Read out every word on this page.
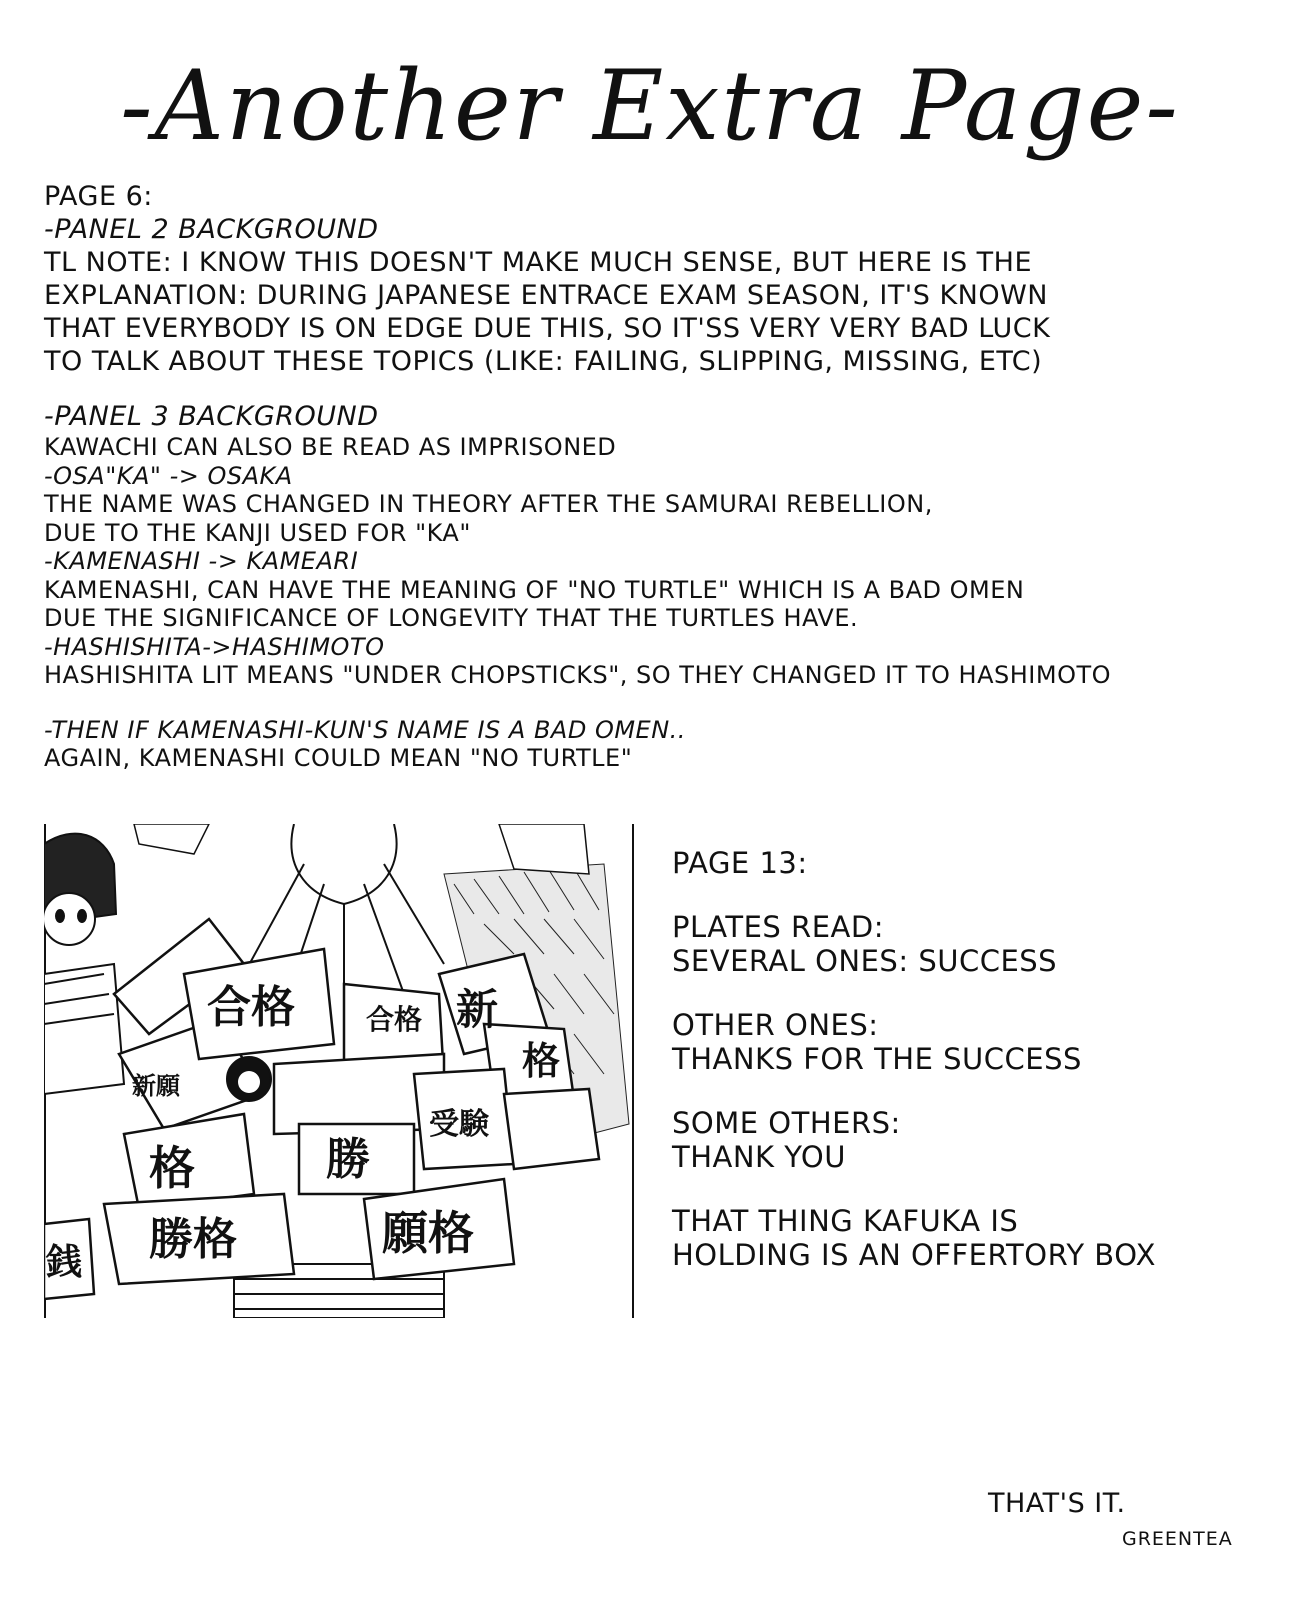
-Another Extra Page-
PAGE 6:
-PANEL 2 BACKGROUND
TL NOTE: I KNOW THIS DOESN'T MAKE MUCH SENSE, BUT HERE IS THE
EXPLANATION: DURING JAPANESE ENTRACE EXAM SEASON, IT'S KNOWN
THAT EVERYBODY IS ON EDGE DUE THIS, SO IT'SS VERY VERY BAD LUCK
TO TALK ABOUT THESE TOPICS (LIKE: FAILING, SLIPPING, MISSING, ETC)
-PANEL 3 BACKGROUND
KAWACHI CAN ALSO BE READ AS IMPRISONED
-OSA"KA" -> OSAKA
THE NAME WAS CHANGED IN THEORY AFTER THE SAMURAI REBELLION,
DUE TO THE KANJI USED FOR "KA"
-KAMENASHI -> KAMEARI
KAMENASHI, CAN HAVE THE MEANING OF "NO TURTLE" WHICH IS A BAD OMEN
DUE THE SIGNIFICANCE OF LONGEVITY THAT THE TURTLES HAVE.
-HASHISHITA->HASHIMOTO
HASHISHITA LIT MEANS "UNDER CHOPSTICKS", SO THEY CHANGED IT TO HASHIMOTO
-THEN IF KAMENASHI-KUN'S NAME IS A BAD OMEN..
AGAIN, KAMENASHI COULD MEAN "NO TURTLE"
合格	新
格
勝
願格
勝格
格
受験
銭
合格
新願
PAGE 13:
PLATES READ:
SEVERAL ONES: SUCCESS
OTHER ONES:
THANKS FOR THE SUCCESS
SOME OTHERS:
THANK YOU
THAT THING KAFUKA IS
HOLDING IS AN OFFERTORY BOX
THAT'S IT.
GREENTEA
